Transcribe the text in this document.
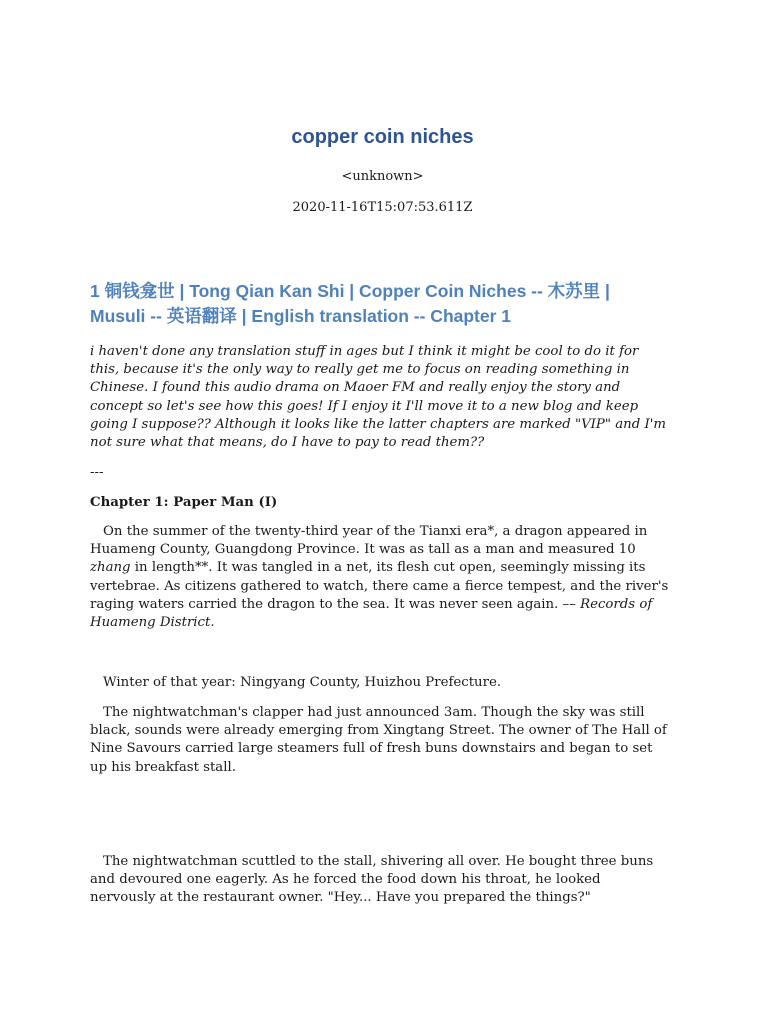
copper coin niches

<unknown>

2020-11-16T15:07:53.611Z

1 铜钱龛世 | Tong Qian Kan Shi | Copper Coin Niches -- 木苏里 | Musuli -- 英语翻译 | English translation -- Chapter 1

i haven't done any translation stuff in ages but I think it might be cool to do it for this, because it's the only way to really get me to focus on reading something in Chinese. I found this audio drama on Maoer FM and really enjoy the story and concept so let's see how this goes! If I enjoy it I'll move it to a new blog and keep going I suppose?? Although it looks like the latter chapters are marked "VIP" and I'm not sure what that means, do I have to pay to read them??

---

Chapter 1: Paper Man (I)

On the summer of the twenty-third year of the Tianxi era*, a dragon appeared in Huameng County, Guangdong Province. It was as tall as a man and measured 10 zhang in length**. It was tangled in a net, its flesh cut open, seemingly missing its vertebrae. As citizens gathered to watch, there came a fierce tempest, and the river's raging waters carried the dragon to the sea. It was never seen again. –– Records of Huameng District.

Winter of that year: Ningyang County, Huizhou Prefecture.

The nightwatchman's clapper had just announced 3am. Though the sky was still black, sounds were already emerging from Xingtang Street. The owner of The Hall of Nine Savours carried large steamers full of fresh buns downstairs and began to set up his breakfast stall.

The nightwatchman scuttled to the stall, shivering all over. He bought three buns and devoured one eagerly. As he forced the food down his throat, he looked nervously at the restaurant owner. "Hey... Have you prepared the things?"
